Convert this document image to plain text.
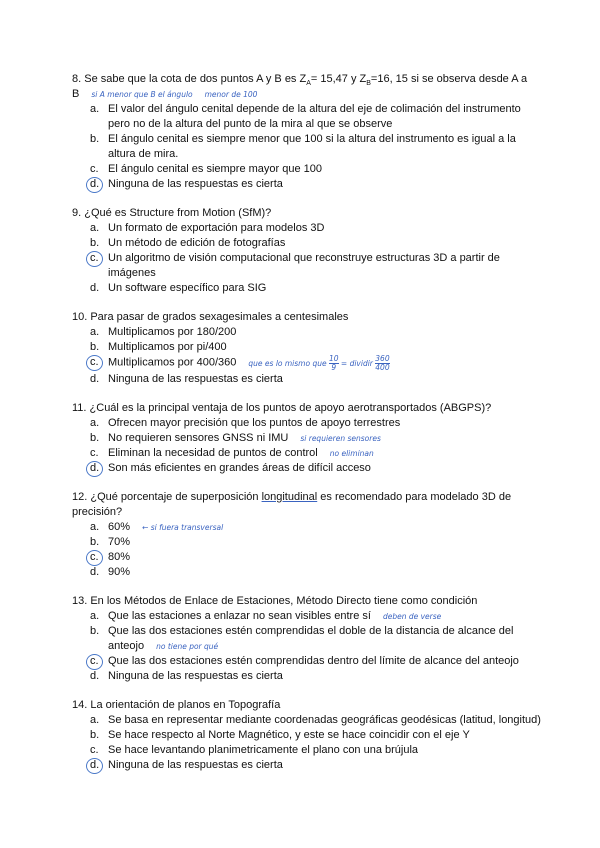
8. Se sabe que la cota de dos puntos A y B es $Z_A= 15,47$ y $Z_B=16$, 15 si se observa desde A a B si A menor que B el ángulo menor de 100
a. El valor del ángulo cenital depende de la altura del eje de colimación del instrumento pero no de la altura del punto de la mira al que se observe
b. El ángulo cenital es siempre menor que 100 si la altura del instrumento es igual a la altura de mira.
c. El ángulo cenital es siempre mayor que 100
d. Ninguna de las respuestas es cierta
9. ¿Qué es Structure from Motion (SfM)?
a. Un formato de exportación para modelos 3D
b. Un método de edición de fotografías
c. Un algoritmo de visión computacional que reconstruye estructuras 3D a partir de imágenes
d. Un software específico para SIG
10. Para pasar de grados sexagesimales a centesimales
a. Multiplicamos por 180/200
b. Multiplicamos por pi/400
c. Multiplicamos por 400/360 que es lo mismo que $\frac{10}{9}$ = dividir $\frac{360}{400}$
d. Ninguna de las respuestas es cierta
11. ¿Cuál es la principal ventaja de los puntos de apoyo aerotransportados (ABGPS)?
a. Ofrecen mayor precisión que los puntos de apoyo terrestres
b. No requieren sensores GNSS ni IMU si requieren sensores
c. Eliminan la necesidad de puntos de control no eliminan
d. Son más eficientes en grandes áreas de difícil acceso
12. ¿Qué porcentaje de superposición longitudinal es recomendado para modelado 3D de precisión?
a. 60% ← si fuera transversal
b. 70%
c. 80%
d. 90%
13. En los Métodos de Enlace de Estaciones, Método Directo tiene como condición
a. Que las estaciones a enlazar no sean visibles entre sí deben de verse
b. Que las dos estaciones estén comprendidas el doble de la distancia de alcance del anteojo no tiene por qué
c. Que las dos estaciones estén comprendidas dentro del límite de alcance del anteojo
d. Ninguna de las respuestas es cierta
14. La orientación de planos en Topografía
a. Se basa en representar mediante coordenadas geográficas geodésicas (latitud, longitud)
b. Se hace respecto al Norte Magnético, y este se hace coincidir con el eje Y
c. Se hace levantando planimetricamente el plano con una brújula
d. Ninguna de las respuestas es cierta
